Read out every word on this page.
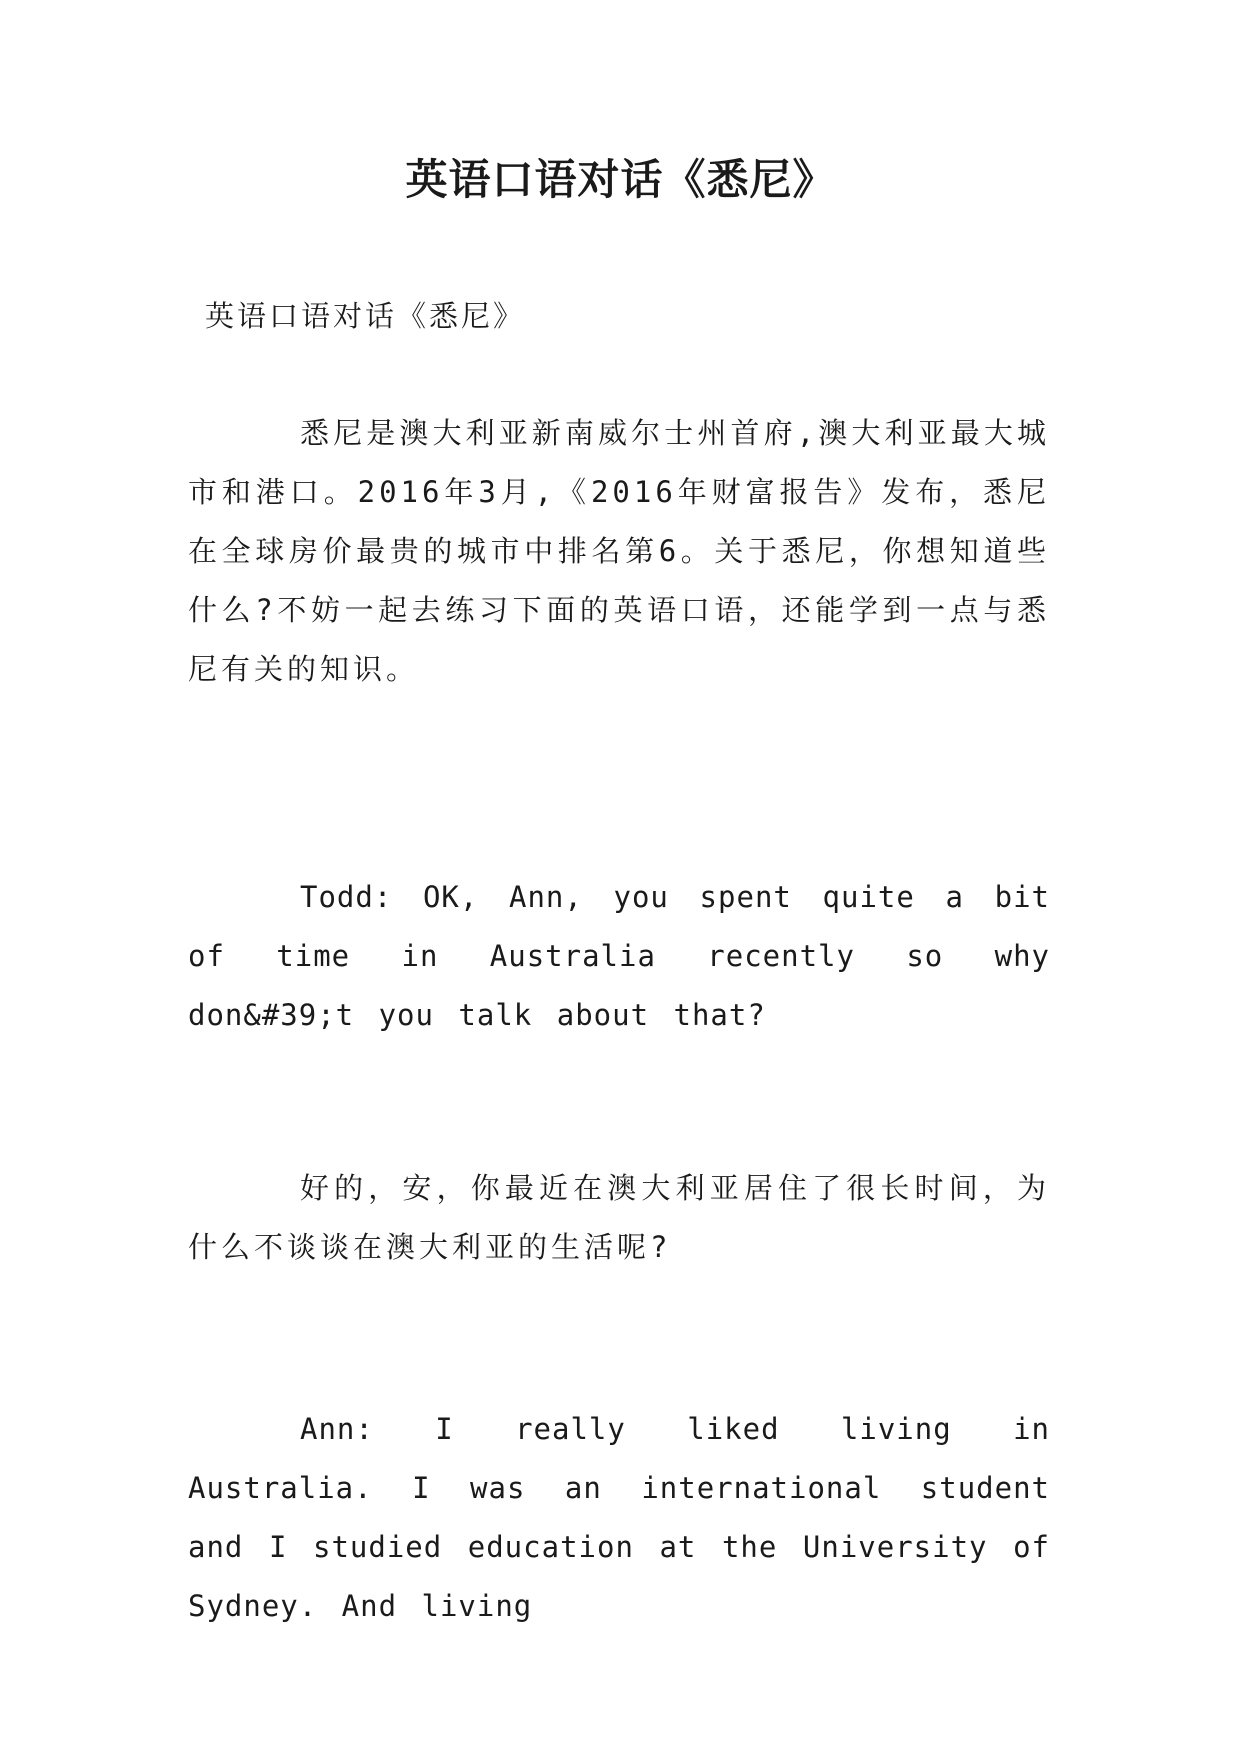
英语口语对话《悉尼》

英语口语对话《悉尼》

悉尼是澳大利亚新南威尔士州首府,澳大利亚最大城市和港口。2016年3月,《2016年财富报告》发布，悉尼在全球房价最贵的城市中排名第6。关于悉尼，你想知道些什么?不妨一起去练习下面的英语口语，还能学到一点与悉尼有关的知识。

Todd: OK, Ann, you spent quite a bit of time in Australia recently so why don&#39;t you talk about that?

好的，安，你最近在澳大利亚居住了很长时间，为什么不谈谈在澳大利亚的生活呢?

Ann: I really liked living in Australia. I was an international student and I studied education at the University of Sydney. And living
